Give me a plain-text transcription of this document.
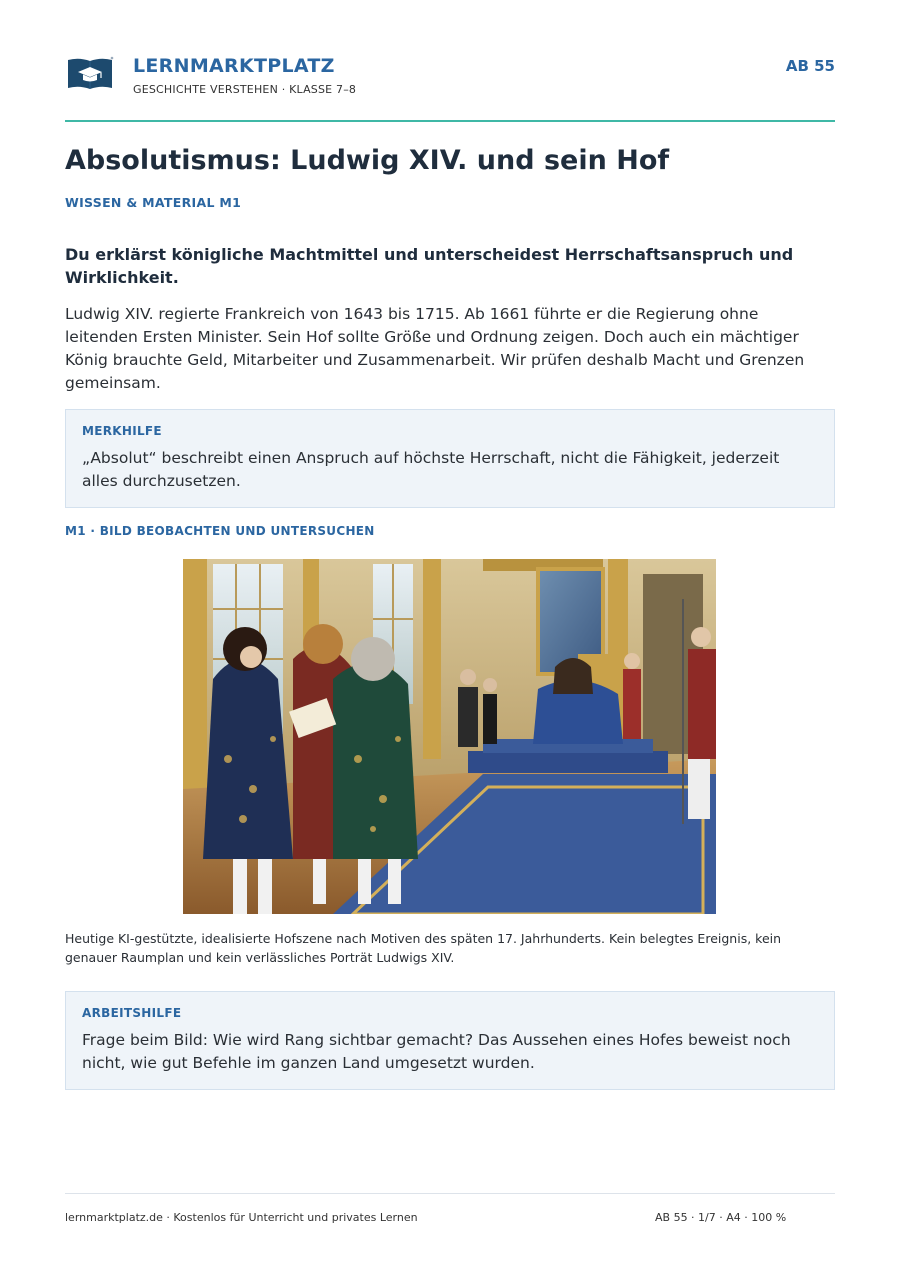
LERNMARKTPLATZ
GESCHICHTE VERSTEHEN · KLASSE 7–8
AB 55
Absolutismus: Ludwig XIV. und sein Hof
WISSEN & MATERIAL M1
Du erklärst königliche Machtmittel und unterscheidest Herrschaftsanspruch und Wirklichkeit.
Ludwig XIV. regierte Frankreich von 1643 bis 1715. Ab 1661 führte er die Regierung ohne leitenden Ersten Minister. Sein Hof sollte Größe und Ordnung zeigen. Doch auch ein mächtiger König brauchte Geld, Mitarbeiter und Zusammenarbeit. Wir prüfen deshalb Macht und Grenzen gemeinsam.
MERKHILFE
„Absolut“ beschreibt einen Anspruch auf höchste Herrschaft, nicht die Fähigkeit, jederzeit alles durchzusetzen.
M1 · BILD BEOBACHTEN UND UNTERSUCHEN
Heutige KI-gestützte, idealisierte Hofszene nach Motiven des späten 17. Jahrhunderts. Kein belegtes Ereignis, kein genauer Raumplan und kein verlässliches Porträt Ludwigs XIV.
ARBEITSHILFE
Frage beim Bild: Wie wird Rang sichtbar gemacht? Das Aussehen eines Hofes beweist noch nicht, wie gut Befehle im ganzen Land umgesetzt wurden.
lernmarktplatz.de · Kostenlos für Unterricht und privates Lernen	AB 55 · 1/7 · A4 · 100 %
